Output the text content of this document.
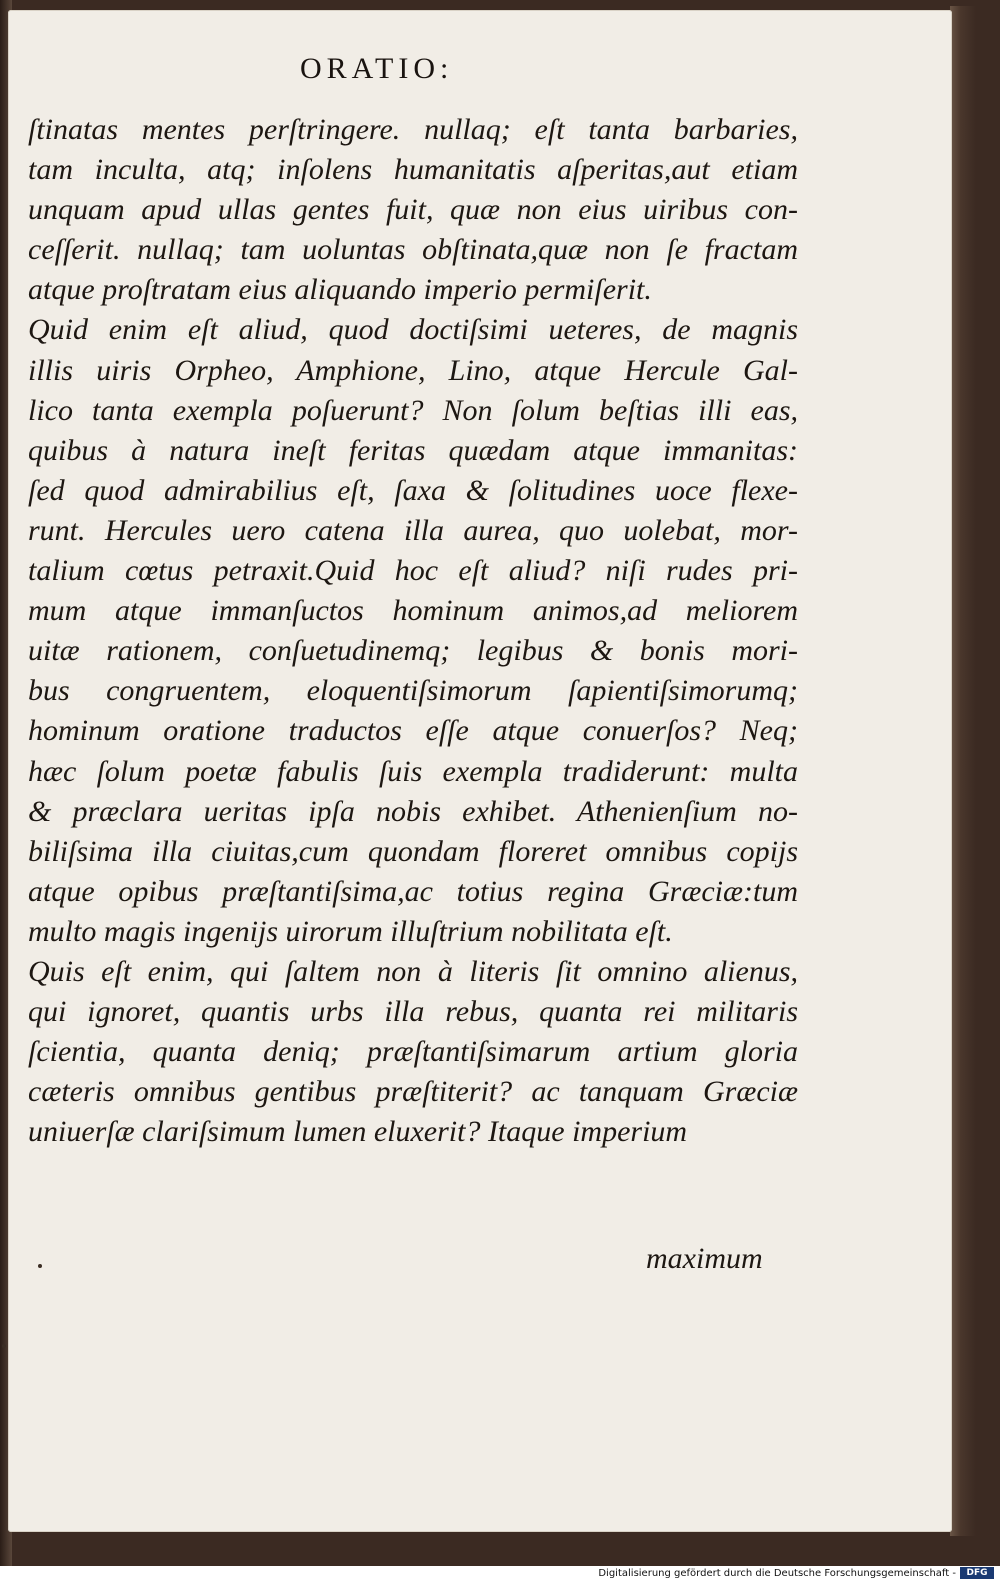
ORATIO:
ſtinatas mentes perſtringere. nullaq; eſt tanta barbaries,
tam inculta, atq; inſolens humanitatis aſperitas,aut etiam
unquam apud ullas gentes fuit, quæ non eius uiribus con-
ceſſerit. nullaq; tam uoluntas obſtinata,quæ non ſe fractam
atque proſtratam eius aliquando imperio permiſerit.
Quid enim eſt aliud, quod doctiſsimi ueteres, de magnis
illis uiris Orpheo, Amphione, Lino, atque Hercule Gal-
lico tanta exempla poſuerunt? Non ſolum beſtias illi eas,
quibus à natura ineſt feritas quædam atque immanitas:
ſed quod admirabilius eſt, ſaxa & ſolitudines uoce flexe-
runt. Hercules uero catena illa aurea, quo uolebat, mor-
talium cœtus petraxit.Quid hoc eſt aliud? niſi rudes pri-
mum atque immanſuctos hominum animos,ad meliorem
uitæ rationem, conſuetudinemq; legibus & bonis mori-
bus congruentem, eloquentiſsimorum ſapientiſsimorumq;
hominum oratione traductos eſſe atque conuerſos? Neq;
hæc ſolum poetæ fabulis ſuis exempla tradiderunt: multa
& præclara ueritas ipſa nobis exhibet. Athenienſium no-
biliſsima illa ciuitas,cum quondam floreret omnibus copijs
atque opibus præſtantiſsima,ac totius regina Græciæ:tum
multo magis ingenijs uirorum illuſtrium nobilitata eſt.
Quis eſt enim, qui ſaltem non à literis ſit omnino alienus,
qui ignoret, quantis urbs illa rebus, quanta rei militaris
ſcientia, quanta deniq; præſtantiſsimarum artium gloria
cæteris omnibus gentibus præſtiterit? ac tanquam Græciæ
uniuerſæ clariſsimum lumen eluxerit? Itaque imperium
maximum
Digitalisierung gefördert durch die Deutsche Forschungsgemeinschaft -	DFG
